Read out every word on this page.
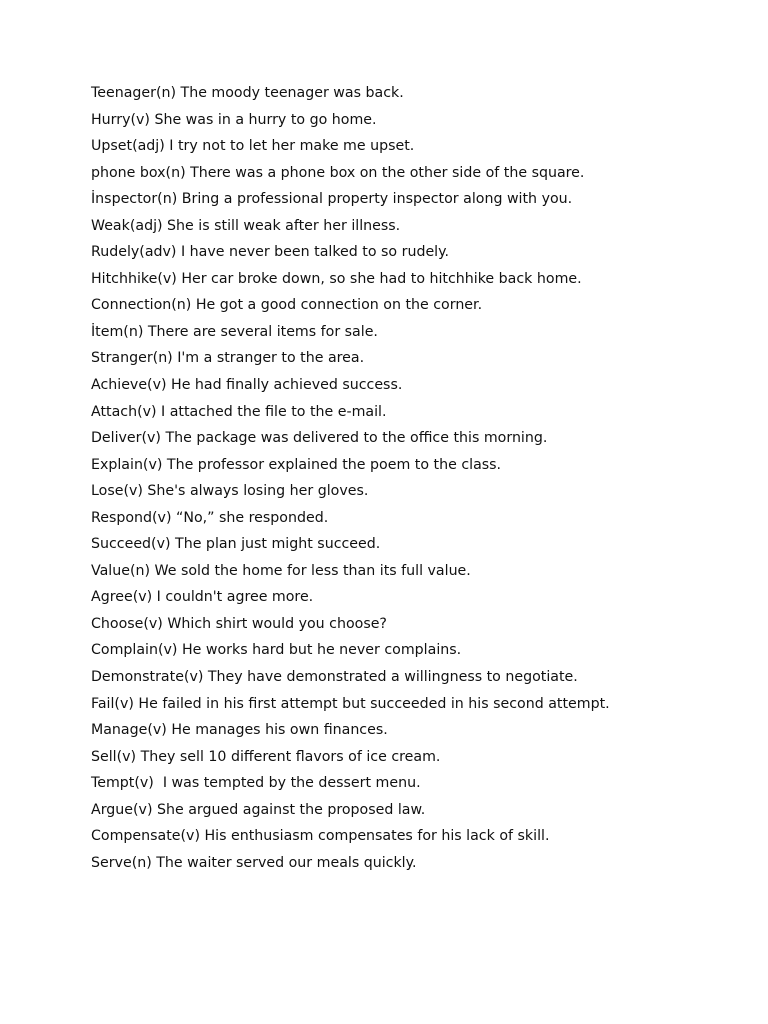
Teenager(n) The moody teenager was back.
Hurry(v) She was in a hurry to go home.
Upset(adj) I try not to let her make me upset.
phone box(n) There was a phone box on the other side of the square.
İnspector(n) Bring a professional property inspector along with you.
Weak(adj) She is still weak after her illness.
Rudely(adv) I have never been talked to so rudely.
Hitchhike(v) Her car broke down, so she had to hitchhike back home.
Connection(n) He got a good connection on the corner.
İtem(n) There are several items for sale.
Stranger(n) I'm a stranger to the area.
Achieve(v) He had finally achieved success.
Attach(v) I attached the file to the e-mail.
Deliver(v) The package was delivered to the office this morning.
Explain(v) The professor explained the poem to the class.
Lose(v) She's always losing her gloves.
Respond(v) “No,” she responded.
Succeed(v) The plan just might succeed.
Value(n) We sold the home for less than its full value.
Agree(v) I couldn't agree more.
Choose(v) Which shirt would you choose?
Complain(v) He works hard but he never complains.
Demonstrate(v) They have demonstrated a willingness to negotiate.
Fail(v) He failed in his first attempt but succeeded in his second attempt.
Manage(v) He manages his own finances.
Sell(v) They sell 10 different flavors of ice cream.
Tempt(v)  I was tempted by the dessert menu.
Argue(v) She argued against the proposed law.
Compensate(v) His enthusiasm compensates for his lack of skill.
Serve(n) The waiter served our meals quickly.
